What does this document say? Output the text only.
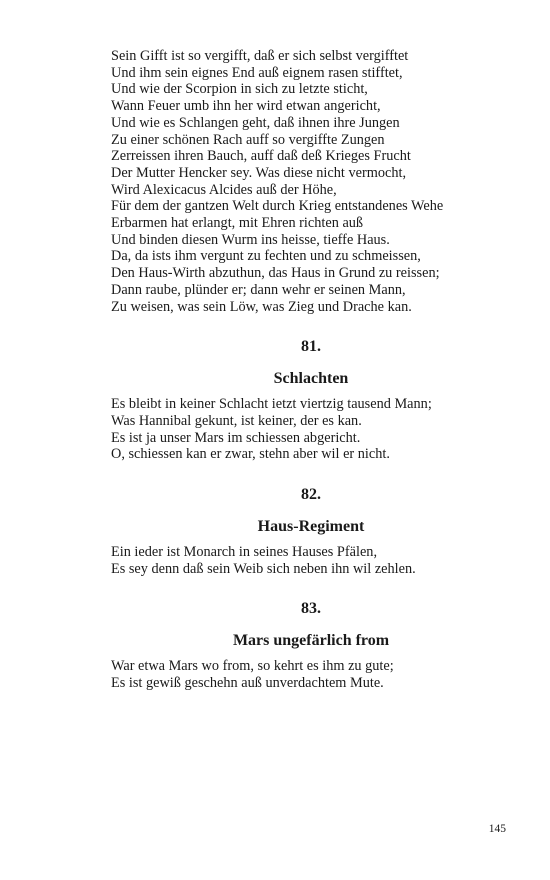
Sein Gifft ist so vergifft, daß er sich selbst vergifftet
Und ihm sein eignes End auß eignem rasen stifftet,
Und wie der Scorpion in sich zu letzte sticht,
Wann Feuer umb ihn her wird etwan angericht,
Und wie es Schlangen geht, daß ihnen ihre Jungen
Zu einer schönen Rach auff so vergiffte Zungen
Zerreissen ihren Bauch, auff daß deß Krieges Frucht
Der Mutter Hencker sey. Was diese nicht vermocht,
Wird Alexicacus Alcides auß der Höhe,
Für dem der gantzen Welt durch Krieg entstandenes Wehe
Erbarmen hat erlangt, mit Ehren richten auß
Und binden diesen Wurm ins heisse, tieffe Haus.
Da, da ists ihm vergunt zu fechten und zu schmeissen,
Den Haus-Wirth abzuthun, das Haus in Grund zu reissen;
Dann raube, plünder er; dann wehr er seinen Mann,
Zu weisen, was sein Löw, was Zieg und Drache kan.
81.
Schlachten
Es bleibt in keiner Schlacht ietzt viertzig tausend Mann;
Was Hannibal gekunt, ist keiner, der es kan.
Es ist ja unser Mars im schiessen abgericht.
O, schiessen kan er zwar, stehn aber wil er nicht.
82.
Haus-Regiment
Ein ieder ist Monarch in seines Hauses Pfälen,
Es sey denn daß sein Weib sich neben ihn wil zehlen.
83.
Mars ungefärlich from
War etwa Mars wo from, so kehrt es ihm zu gute;
Es ist gewiß geschehn auß unverdachtem Mute.
145
